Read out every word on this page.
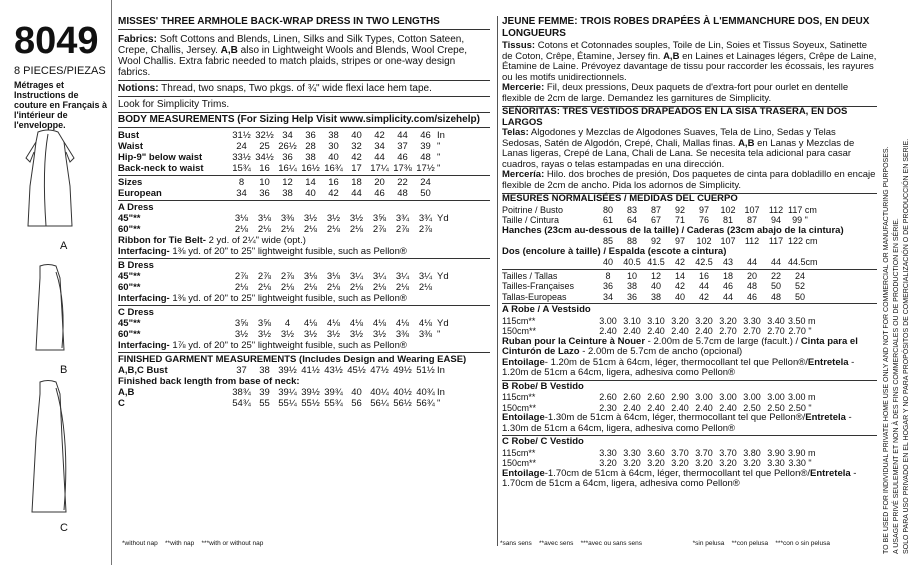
8049
8 PIECES/PIEZAS
Métrages et Instructions de couture en Français à l'intérieur de l'enveloppe.
A
B
C
MISSES' THREE ARMHOLE BACK-WRAP DRESS IN TWO LENGTHS
Fabrics: Soft Cottons and Blends, Linen, Silks and Silk Types, Cotton Sateen, Crepe, Challis, Jersey. A,B also in Lightweight Wools and Blends, Wool Crepe, Wool Challis. Extra fabric needed to match plaids, stripes or one-way design fabrics.
Notions: Thread, two snaps, Two pkgs. of ¾" wide flexi lace hem tape.
Look for Simplicity Trims.
BODY MEASUREMENTS (For Sizing Help Visit www.simplicity.com/sizehelp)
Bust	31½ 32½ 34	36	38	40	42	44	46 In
Waist	24	25 26½ 28	30	32	34	37	39 "
Hip-9" below waist	33½ 34½ 36	38	40	42	44	46	48 "
Back-neck to waist	15¾ 16 16¼ 16½ 16¾ 17 17¼ 17⅜ 17½ "
Sizes	8	10	12	14	16	18	20	22	24
European	34	36	38	40	42	44	46	48	50
A Dress
45"**	3⅛	3⅛	3⅜	3½	3½	3½	3⅝	3¾	3¾ Yd
60"**	2⅛	2⅛	2⅛	2⅛	2⅛	2⅛	2⅞	2⅞	2⅞
Ribbon for Tie Belt- 2 yd. of 2¼" wide (opt.)
Interfacing- 1⅜ yd. of 20" to 25" lightweight fusible, such as Pellon®
B Dress
45"**	2⅞	2⅞	2⅞	3⅛	3⅛	3¼	3¼	3¼	3¼ Yd
60"**	2⅛	2⅛	2⅛	2⅛	2⅛	2⅛	2⅛	2⅛	2⅛
Interfacing- 1⅜ yd. of 20" to 25" lightweight fusible, such as Pellon®
C Dress
45"**	3⅝	3⅝	4	4⅛	4⅛	4⅛	4⅛	4⅛	4⅛ Yd
60"**	3½	3½	3½	3½	3½	3½	3½	3⅜	3⅜ "
Interfacing- 1⅞ yd. of 20" to 25" lightweight fusible, such as Pellon®
FINISHED GARMENT MEASUREMENTS (Includes Design and Wearing EASE)
A,B,C Bust	37	38 39½ 41½ 43½ 45½ 47½ 49½ 51½ In
Finished back length from base of neck:
A,B	38¾ 39 39¼ 39½ 39¾ 40 40¼ 40½ 40¾ In
C	54¾ 55 55¼ 55½ 55¾ 56 56¼ 56½ 56¾ "
*without nap **with nap ***with or without nap
JEUNE FEMME: TROIS ROBES DRAPÉES À L'EMMANCHURE DOS, EN DEUX LONGUEURS
Tissus: Cotons et Cotonnades souples, Toile de Lin, Soies et Tissus Soyeux, Satinette de Coton, Crêpe, Étamine, Jersey fin. A,B en Laines et Lainages légers, Crêpe de Laine, Étamine de Laine. Prévoyez davantage de tissu pour raccorder les écossais, les rayures ou les motifs unidirectionnels.
Mercerie: Fil, deux pressions, Deux paquets de d'extra-fort pour ourlet en dentelle flexible de 2cm de large. Demandez les garnitures de Simplicity.
SEÑORITAS: TRES VESTIDOS DRAPEADOS EN LA SISA TRASERA, EN DOS LARGOS
Telas: Algodones y Mezclas de Algodones Suaves, Tela de Lino, Sedas y Telas Sedosas, Satén de Algodón, Crepé, Chali, Mallas finas. A,B en Lanas y Mezclas de Lanas ligeras, Crepé de Lana, Chali de Lana. Se necesita tela adicional para casar cuadros, rayas o telas estampadas en una dirección.
Mercería: Hilo. dos broches de presión, Dos paquetes de cinta para dobladillo en encaje flexible de 2cm de ancho. Pida los adornos de Simplicity.
MESURES NORMALISÉES / MEDIDAS DEL CUERPO
Poitrine / Busto	80	83	87	92	97	102 107	112 117 cm
Taille / Cintura	61	64	67	71	76	81	87	94	99 "
Hanches (23cm au-dessous de la taille) / Caderas (23cm abajo de la cintura)
85	88	92	97	102 107	112	117 122 cm
Dos (encolure à taille) / Espalda (escote a cintura)
40	40.5 41.5	42	42.5	43	44	44 44.5cm
Tailles / Tallas	8	10	12	14	16	18	20	22	24
Tailles-Françaises	36	38	40	42	44	46	48	50	52
Tallas-Europeas	34	36	38	40	42	44	46	48	50
A Robe / A Vestsido
115cm**	3.00 3.10 3.10 3.20 3.20 3.20 3.30 3.40 3.50 m
150cm**	2.40 2.40 2.40 2.40 2.40 2.70 2.70 2.70 2.70 "
Ruban pour la Ceinture à Nouer - 2.00m de 5.7cm de large (facult.) / Cinta para el Cinturón de Lazo - 2.00m de 5.7cm de ancho (opcional)
Entoilage- 1.20m de 51cm à 64cm, léger, thermocollant tel que Pellon®/Entretela - 1.20m de 51cm a 64cm, ligera, adhesiva como Pellon®
B Robe/ B Vestido
115cm**	2.60 2.60 2.60 2.90 3.00 3.00 3.00 3.00 3.00 m
150cm**	2.30 2.40 2.40 2.40 2.40 2.40 2.50 2.50 2.50 "
Entoilage-1.30m de 51cm à 64cm, léger, thermocollant tel que Pellon®/Entretela - 1.30m de 51cm a 64cm, ligera, adhesiva como Pellon®
C Robe/ C Vestido
115cm**	3.30 3.30 3.60 3.70 3.70 3.70 3.80 3.90 3.90 m
150cm**	3.20 3.20 3.20 3.20 3.20 3.20 3.20 3.30 3.30 "
Entoilage-1.70cm de 51cm à 64cm, léger, thermocollant tel que Pellon®/Entretela - 1.70cm de 51cm a 64cm, ligera, adhesiva como Pellon®
*sans sens **avec sens ***avec ou sans sens	*sin pelusa **con pelusa ***con o sin pelusa	TO BE USED FOR INDIVIDUAL PRIVATE HOME USE ONLY AND NOT FOR COMMERCIAL OR MANUFACTURING PURPOSES. A USAGE PRIVÉ SEULEMENT ET NON À DES FINS COMMERCIALES OU DE PRODUCTION EN SÉRIE. SOLO PARA USO PRIVADO EN EL HOGAR Y NO PARA PROPÓSITOS DE COMERCIALIZACIÓN O DE PRODUCCIÓN EN SERIE.
